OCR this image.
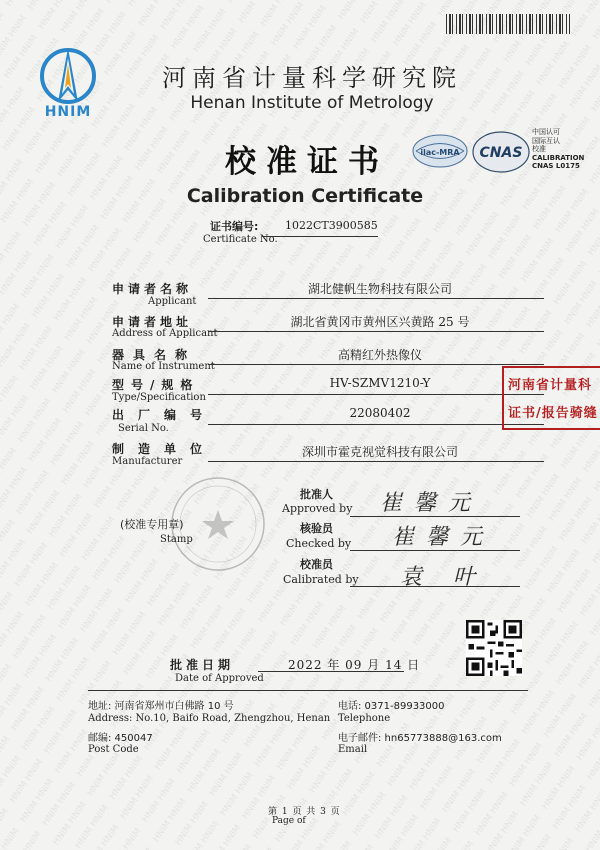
HNIM
河南省计量科学研究院
Henan Institute of Metrology
校准证书
Calibration Certificate
ilac-MRA CNAS
中国认可
国际互认
校准
CALIBRATION
CNAS L0175
证书编号:
Certificate No.
1022CT3900585
申请者名称
Applicant
湖北健帆生物科技有限公司
申请者地址
Address of Applicant
湖北省黄冈市黄州区兴黄路 25 号
器具名称
Name of Instrument
高精红外热像仪
型号/规格
Type/Specification
HV-SZMV1210-Y
出厂编号
Serial No.
22080402
制造单位
Manufacturer
深圳市霍克视觉科技有限公司
河南省计量科
证书/报告骑缝
(校准专用章)
Stamp
批准人
Approved by 崔馨元
核验员
Checked by 崔馨元
校准员
Calibrated by 袁 叶
批准日期
Date of Approved
2022 年 09 月 14 日
地址: 河南省郑州市白佛路 10 号
Address: No.10, Baifo Road, Zhengzhou, Henan
邮编: 450047
Post Code
电话: 0371-89933000
Telephone
电子邮件: hn65773888@163.com
Email
第 1 页 共 3 页
Page of
